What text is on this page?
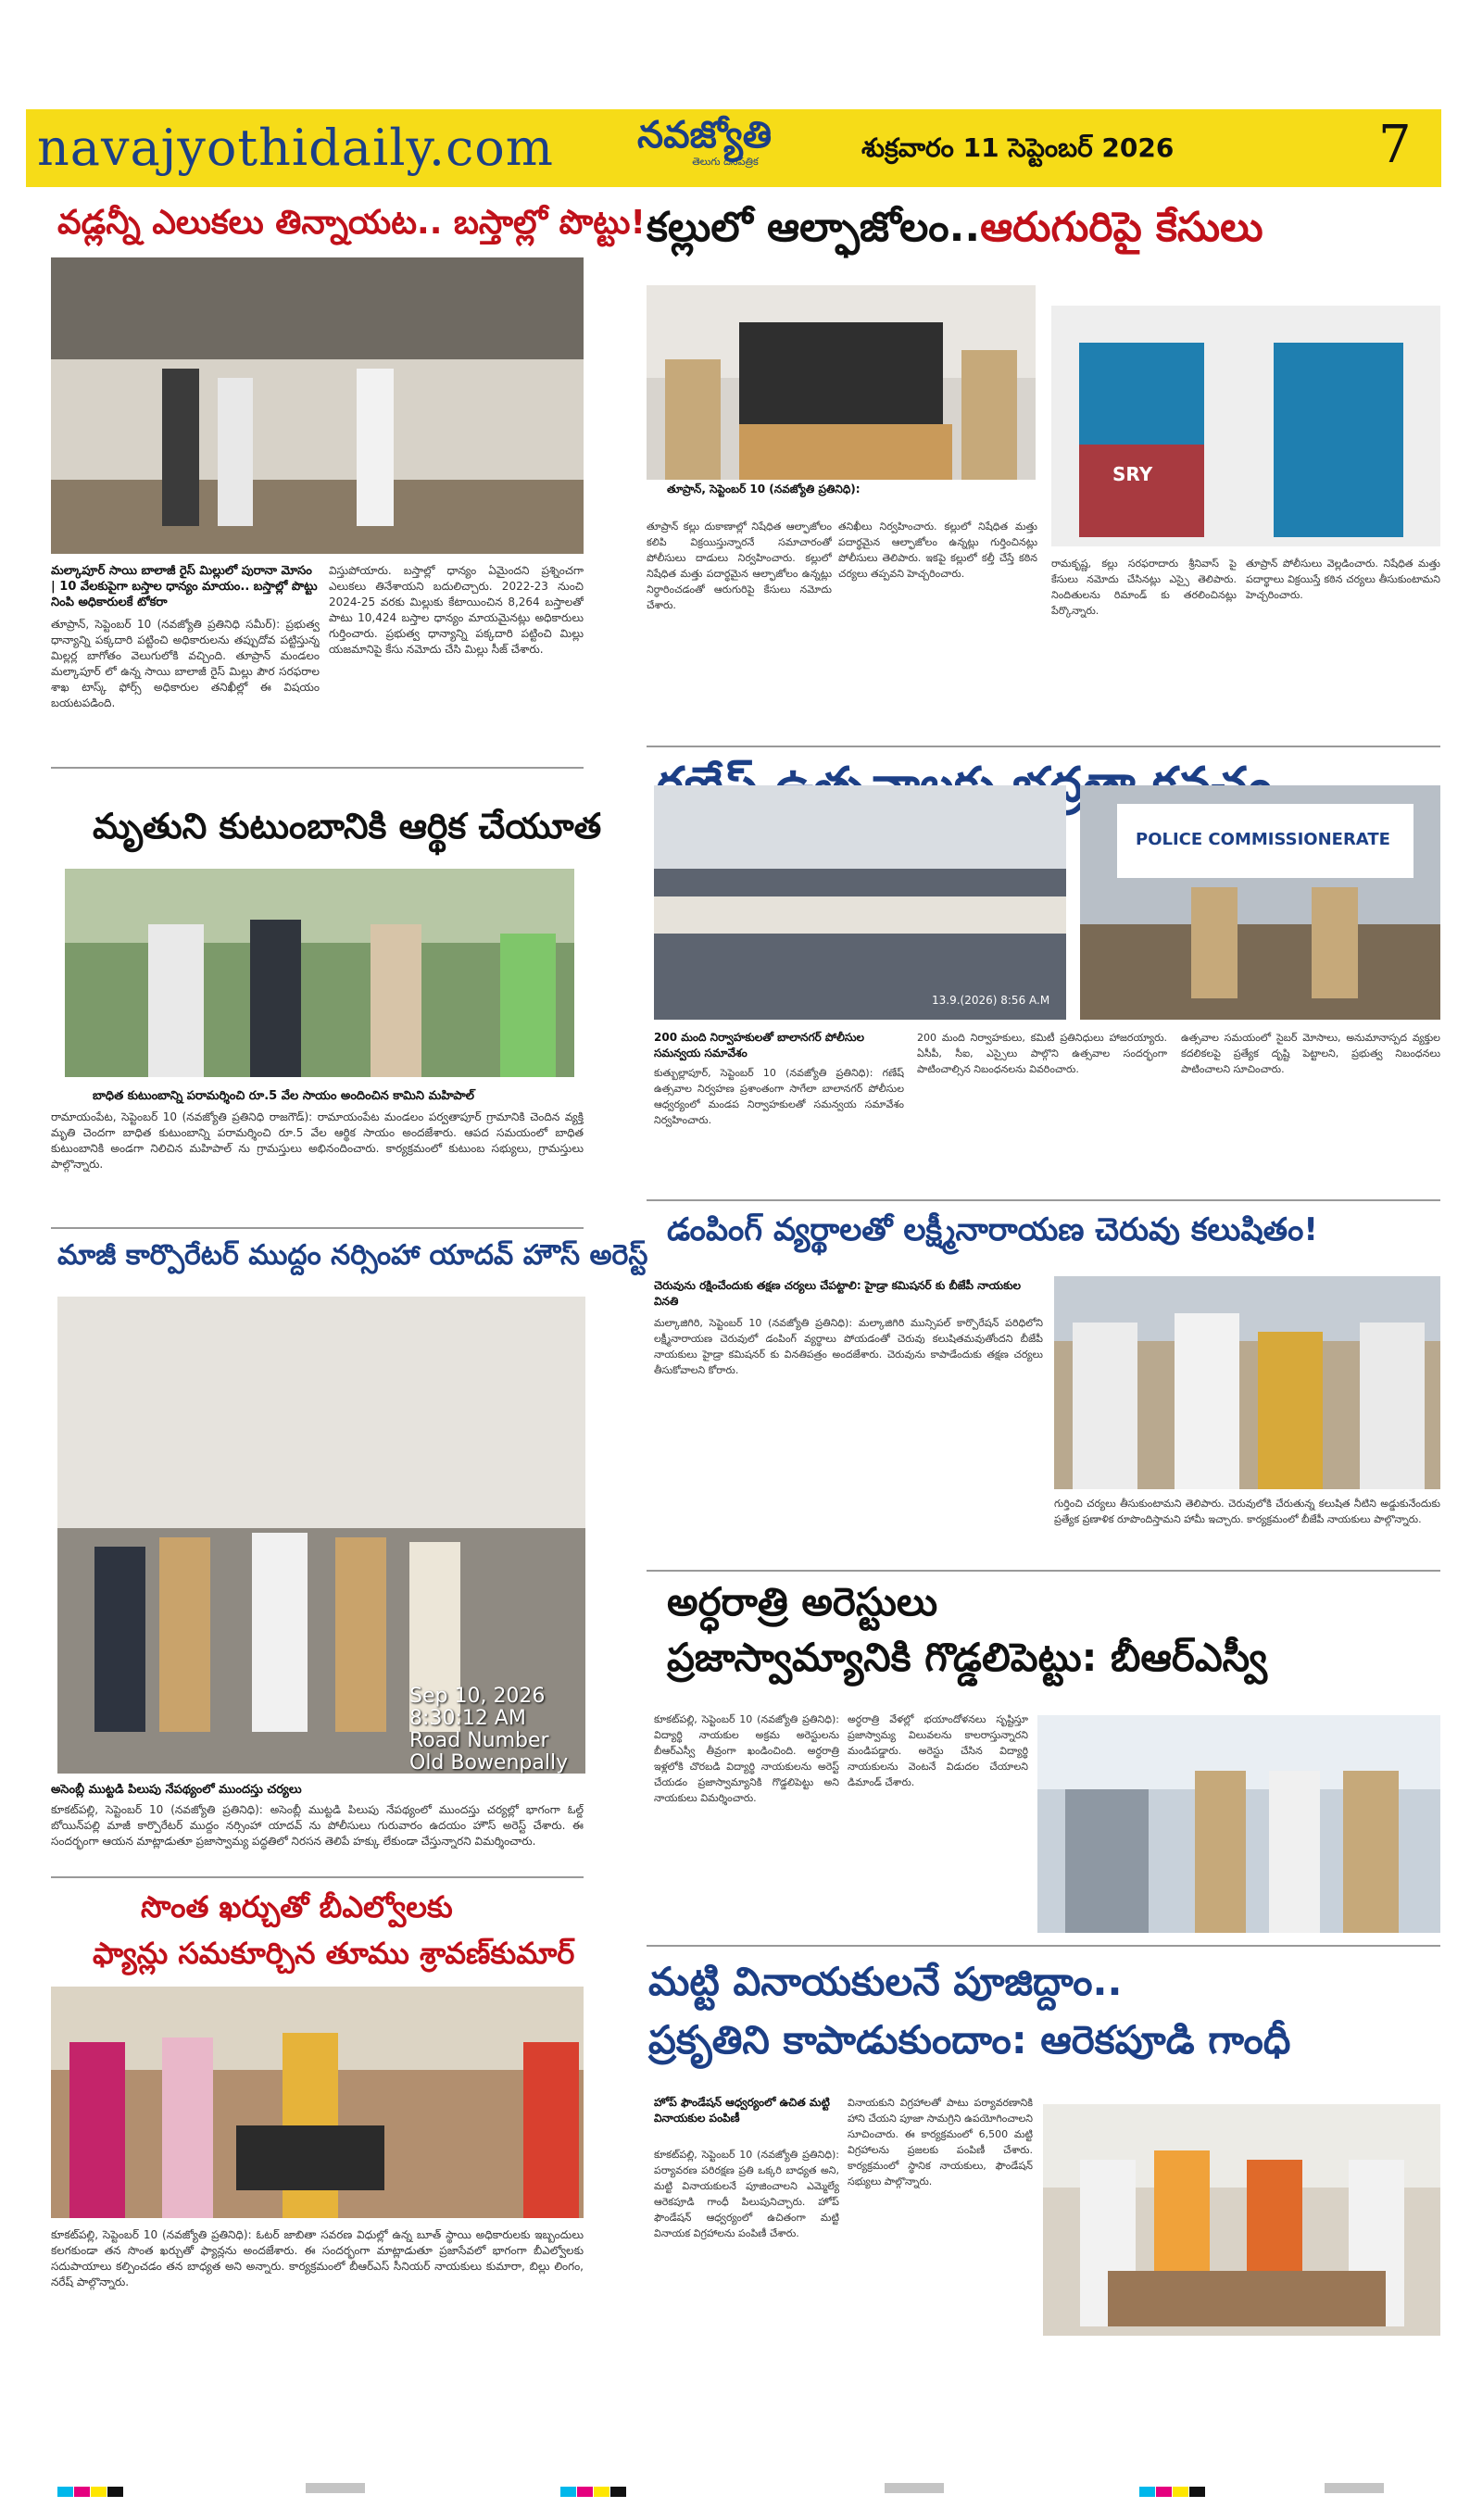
navajyothidaily.com నవజ్యోతి
తెలుగు దినపత్రిక	శుక్రవారం 11 సెప్టెంబర్ 2026	7
వడ్లన్నీ ఎలుకలు తిన్నాయట.. బస్తాల్లో పొట్టు!
మల్కాపూర్ సాయి బాలాజీ రైస్ మిల్లులో పురానా మోసం | 10 వేలకుపైగా బస్తాల ధాన్యం మాయం.. బస్తాల్లో పొట్టు నింపి అధికారులకే టోకరా
తూప్రాన్, సెప్టెంబర్ 10 (నవజ్యోతి ప్రతినిధి సమీర్): ప్రభుత్వ ధాన్యాన్ని పక్కదారి పట్టించి అధికారులను తప్పుదోవ పట్టిస్తున్న మిల్లర్ల బాగోతం వెలుగులోకి వచ్చింది. తూప్రాన్ మండలం మల్కాపూర్ లో ఉన్న సాయి బాలాజీ రైస్ మిల్లు పౌర సరఫరాల శాఖ టాస్క్ ఫోర్స్ అధికారుల తనిఖీల్లో ఈ విషయం బయటపడింది.
విస్తుపోయారు. బస్తాల్లో ధాన్యం ఏమైందని ప్రశ్నించగా ఎలుకలు తినేశాయని బదులిచ్చారు. 2022-23 నుంచి 2024-25 వరకు మిల్లుకు కేటాయించిన 8,264 బస్తాలతో పాటు 10,424 బస్తాల ధాన్యం మాయమైనట్లు అధికారులు గుర్తించారు. ప్రభుత్వ ధాన్యాన్ని పక్కదారి పట్టించి మిల్లు యజమానిపై కేసు నమోదు చేసి మిల్లు సీజ్ చేశారు.
మృతుని కుటుంబానికి ఆర్థిక చేయూత
బాధిత కుటుంబాన్ని పరామర్శించి రూ.5 వేల సాయం అందించిన కామిని మహిపాల్
రామాయంపేట, సెప్టెంబర్ 10 (నవజ్యోతి ప్రతినిధి రాజగౌడ్): రామాయంపేట మండలం పర్వతాపూర్ గ్రామానికి చెందిన వ్యక్తి మృతి చెందగా బాధిత కుటుంబాన్ని పరామర్శించి రూ.5 వేల ఆర్థిక సాయం అందజేశారు. ఆపద సమయంలో బాధిత కుటుంబానికి అండగా నిలిచిన మహిపాల్ ను గ్రామస్తులు అభినందించారు. కార్యక్రమంలో కుటుంబ సభ్యులు, గ్రామస్తులు పాల్గొన్నారు.
మాజీ కార్పొరేటర్ ముద్దం నర్సింహా యాదవ్ హౌస్ అరెస్ట్
Sep 10, 2026 8:30:12 AM
Road Number
Old Bowenpally
అసెంబ్లీ ముట్టడి పిలుపు నేపథ్యంలో ముందస్తు చర్యలు
కూకట్‌పల్లి, సెప్టెంబర్ 10 (నవజ్యోతి ప్రతినిధి): అసెంబ్లీ ముట్టడి పిలుపు నేపథ్యంలో ముందస్తు చర్యల్లో భాగంగా ఓల్డ్ బోయిన్‌పల్లి మాజీ కార్పొరేటర్ ముద్దం నర్సింహా యాదవ్ ను పోలీసులు గురువారం ఉదయం హౌస్ అరెస్ట్ చేశారు. ఈ సందర్భంగా ఆయన మాట్లాడుతూ ప్రజాస్వామ్య పద్ధతిలో నిరసన తెలిపే హక్కు లేకుండా చేస్తున్నారని విమర్శించారు.
సొంత ఖర్చుతో బీఎల్వోలకు
ఫ్యాన్లు సమకూర్చిన తూము శ్రావణ్‌కుమార్
కూకట్‌పల్లి, సెప్టెంబర్ 10 (నవజ్యోతి ప్రతినిధి): ఓటర్ జాబితా సవరణ విధుల్లో ఉన్న బూత్ స్థాయి అధికారులకు ఇబ్బందులు కలగకుండా తన సొంత ఖర్చుతో ఫ్యాన్లను అందజేశారు. ఈ సందర్భంగా మాట్లాడుతూ ప్రజాసేవలో భాగంగా బీఎల్వోలకు సదుపాయాలు కల్పించడం తన బాధ్యత అని అన్నారు. కార్యక్రమంలో బీఆర్ఎస్ సీనియర్ నాయకులు కుమారా, బిల్లు లింగం, నరేష్ పాల్గొన్నారు.
కల్లులో ఆల్ఫాజోలం..ఆరుగురిపై కేసులు
తూప్రాన్, సెప్టెంబర్ 10 (నవజ్యోతి ప్రతినిధి):
SRY
తూప్రాన్ కల్లు దుకాణాల్లో నిషేధిత ఆల్ఫాజోలం కలిపి విక్రయిస్తున్నారనే సమాచారంతో పోలీసులు దాడులు నిర్వహించారు. కల్లులో నిషేధిత మత్తు పదార్థమైన ఆల్ఫాజోలం ఉన్నట్లు నిర్ధారించడంతో ఆరుగురిపై కేసులు నమోదు చేశారు.
తనిఖీలు నిర్వహించారు. కల్లులో నిషేధిత మత్తు పదార్థమైన ఆల్ఫాజోలం ఉన్నట్లు గుర్తించినట్లు పోలీసులు తెలిపారు. ఇకపై కల్లులో కల్తీ చేస్తే కఠిన చర్యలు తప్పవని హెచ్చరించారు.
రామకృష్ణ, కల్లు సరఫరాదారు శ్రీనివాస్ పై కేసులు నమోదు చేసినట్లు ఎస్సై తెలిపారు. నిందితులను రిమాండ్ కు తరలించినట్లు పేర్కొన్నారు.
తూప్రాన్ పోలీసులు వెల్లడించారు. నిషేధిత మత్తు పదార్థాలు విక్రయిస్తే కఠిన చర్యలు తీసుకుంటామని హెచ్చరించారు.
భద్రతా
13.9.(2026) 8:56 A.M
POLICE COMMISSIONERATE
200 మంది నిర్వాహకులతో బాలానగర్ పోలీసుల సమన్వయ సమావేశం
కుత్బుల్లాపూర్, సెప్టెంబర్ 10 (నవజ్యోతి ప్రతినిధి): గణేష్ ఉత్సవాల నిర్వహణ ప్రశాంతంగా సాగేలా బాలానగర్ పోలీసుల ఆధ్వర్యంలో మండప నిర్వాహకులతో సమన్వయ సమావేశం నిర్వహించారు.
200 మంది నిర్వాహకులు, కమిటీ ప్రతినిధులు హాజరయ్యారు. ఏసీపీ, సీఐ, ఎస్సైలు పాల్గొని ఉత్సవాల సందర్భంగా పాటించాల్సిన నిబంధనలను వివరించారు.
ఉత్సవాల సమయంలో సైబర్ మోసాలు, అనుమానాస్పద వ్యక్తుల కదలికలపై ప్రత్యేక దృష్టి పెట్టాలని, ప్రభుత్వ నిబంధనలు పాటించాలని సూచించారు.
డంపింగ్ వ్యర్థాలతో లక్ష్మీనారాయణ చెరువు కలుషితం!
చెరువును రక్షించేందుకు తక్షణ చర్యలు చేపట్టాలి: హైడ్రా కమిషనర్ కు బీజేపీ నాయకుల వినతి
మల్కాజిగిరి, సెప్టెంబర్ 10 (నవజ్యోతి ప్రతినిధి): మల్కాజిగిరి మున్సిపల్ కార్పొరేషన్ పరిధిలోని లక్ష్మీనారాయణ చెరువులో డంపింగ్ వ్యర్థాలు పోయడంతో చెరువు కలుషితమవుతోందని బీజేపీ నాయకులు హైడ్రా కమిషనర్ కు వినతిపత్రం అందజేశారు. చెరువును కాపాడేందుకు తక్షణ చర్యలు తీసుకోవాలని కోరారు.
గుర్తించి చర్యలు తీసుకుంటామని తెలిపారు. చెరువులోకి చేరుతున్న కలుషిత నీటిని అడ్డుకునేందుకు ప్రత్యేక ప్రణాళిక రూపొందిస్తామని హామీ ఇచ్చారు. కార్యక్రమంలో బీజేపీ నాయకులు పాల్గొన్నారు.
అర్ధరాత్రి అరెస్టులు
ప్రజాస్వామ్యానికి గొడ్డలిపెట్టు: బీఆర్ఎస్వీ
కూకట్‌పల్లి, సెప్టెంబర్ 10 (నవజ్యోతి ప్రతినిధి): విద్యార్థి నాయకుల అక్రమ అరెస్టులను బీఆర్ఎస్వీ తీవ్రంగా ఖండించింది. అర్ధరాత్రి ఇళ్లలోకి చొరబడి విద్యార్థి నాయకులను అరెస్ట్ చేయడం ప్రజాస్వామ్యానికి గొడ్డలిపెట్టు అని నాయకులు విమర్శించారు.
అర్ధరాత్రి వేళల్లో భయాందోళనలు సృష్టిస్తూ ప్రజాస్వామ్య విలువలను కాలరాస్తున్నారని మండిపడ్డారు. అరెస్టు చేసిన విద్యార్థి నాయకులను వెంటనే విడుదల చేయాలని డిమాండ్ చేశారు.
మట్టి వినాయకులనే పూజిద్దాం..
ప్రకృతిని కాపాడుకుందాం: ఆరెకపూడి గాంధీ
హోప్ ఫౌండేషన్ ఆధ్వర్యంలో ఉచిత మట్టి వినాయకుల పంపిణీ
కూకట్‌పల్లి, సెప్టెంబర్ 10 (నవజ్యోతి ప్రతినిధి): పర్యావరణ పరిరక్షణ ప్రతి ఒక్కరి బాధ్యత అని, మట్టి వినాయకులనే పూజించాలని ఎమ్మెల్యే ఆరెకపూడి గాంధీ పిలుపునిచ్చారు. హోప్ ఫౌండేషన్ ఆధ్వర్యంలో ఉచితంగా మట్టి వినాయక విగ్రహాలను పంపిణీ చేశారు.
వినాయకుని విగ్రహాలతో పాటు పర్యావరణానికి హాని చేయని పూజా సామగ్రిని ఉపయోగించాలని సూచించారు. ఈ కార్యక్రమంలో 6,500 మట్టి విగ్రహాలను ప్రజలకు పంపిణీ చేశారు. కార్యక్రమంలో స్థానిక నాయకులు, ఫౌండేషన్ సభ్యులు పాల్గొన్నారు.
